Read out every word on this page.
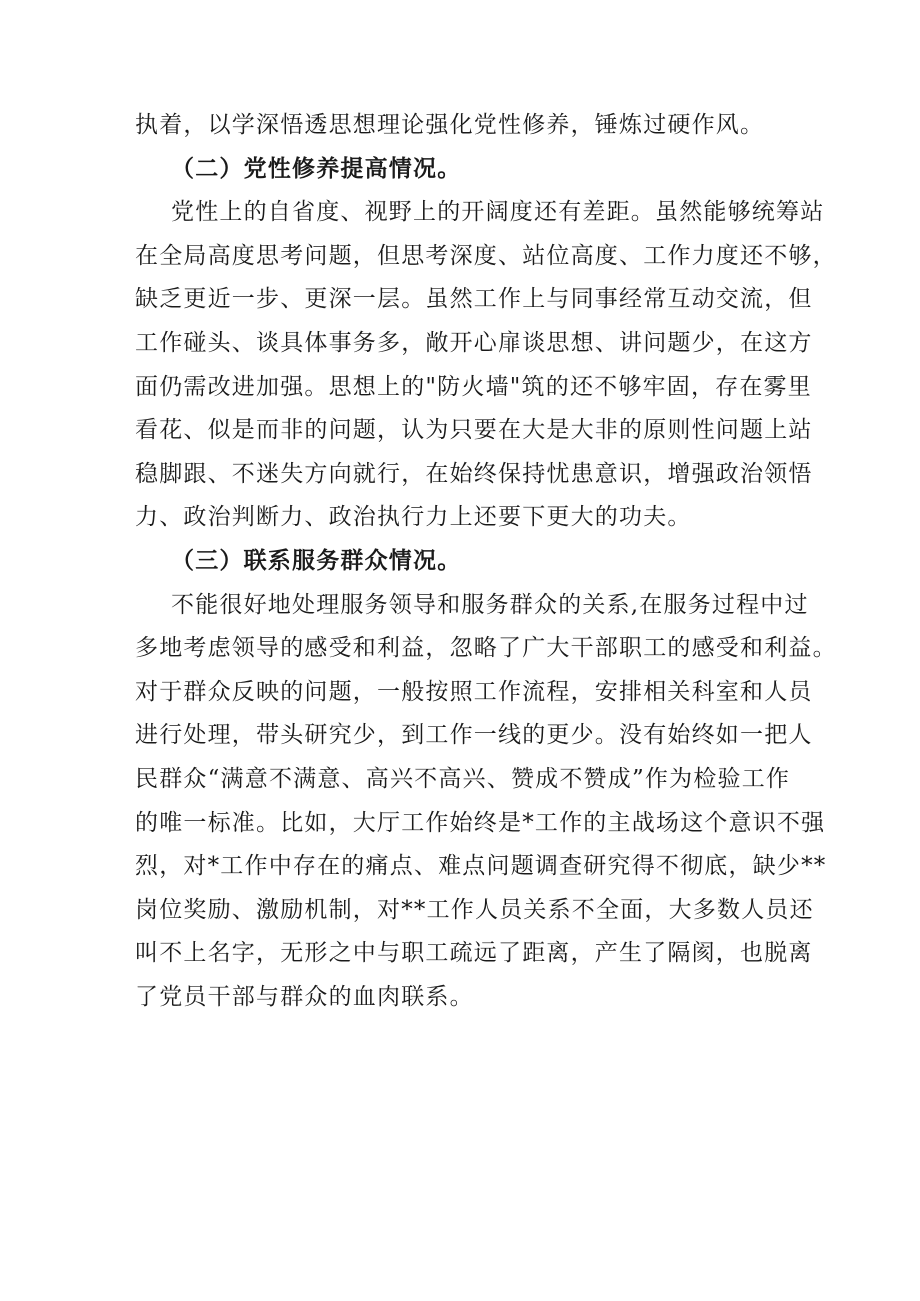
执着，以学深悟透思想理论强化党性修养，锤炼过硬作风。
（二）党性修养提高情况。
党性上的自省度、视野上的开阔度还有差距。虽然能够统筹站
在全局高度思考问题，但思考深度、站位高度、工作力度还不够，
缺乏更近一步、更深一层。虽然工作上与同事经常互动交流，但
工作碰头、谈具体事务多，敞开心扉谈思想、讲问题少，在这方
面仍需改进加强。思想上的"防火墙"筑的还不够牢固，存在雾里
看花、似是而非的问题，认为只要在大是大非的原则性问题上站
稳脚跟、不迷失方向就行，在始终保持忧患意识，增强政治领悟
力、政治判断力、政治执行力上还要下更大的功夫。
（三）联系服务群众情况。
不能很好地处理服务领导和服务群众的关系,在服务过程中过
多地考虑领导的感受和利益，忽略了广大干部职工的感受和利益。
对于群众反映的问题，一般按照工作流程，安排相关科室和人员
进行处理，带头研究少，到工作一线的更少。没有始终如一把人
民群众“满意不满意、高兴不高兴、赞成不赞成”作为检验工作
的唯一标准。比如，大厅工作始终是*工作的主战场这个意识不强
烈，对*工作中存在的痛点、难点问题调查研究得不彻底，缺少**
岗位奖励、激励机制，对**工作人员关系不全面，大多数人员还
叫不上名字，无形之中与职工疏远了距离，产生了隔阂，也脱离
了党员干部与群众的血肉联系。
